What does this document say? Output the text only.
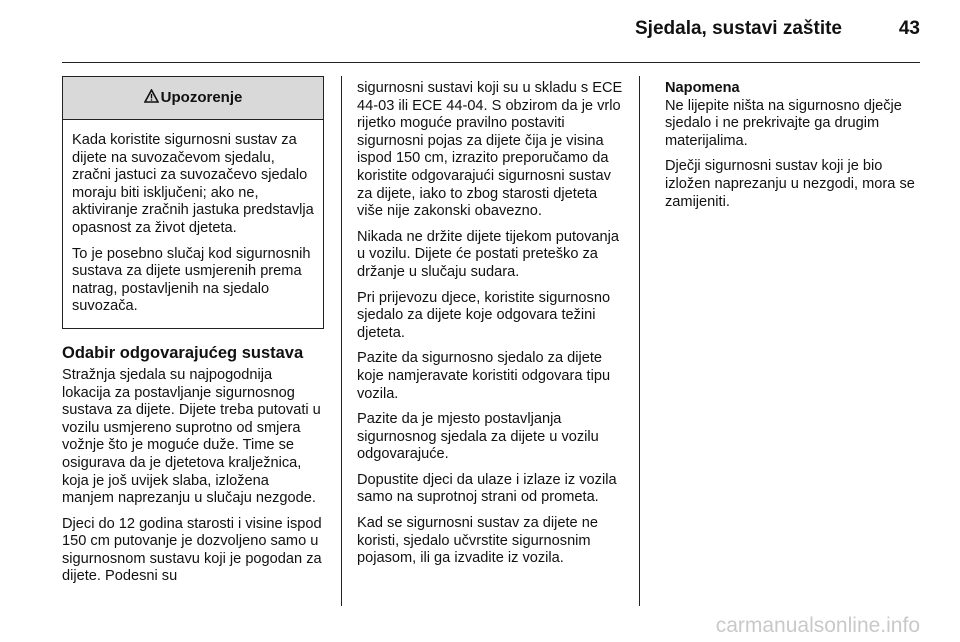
Sjedala, sustavi zaštite	43
Upozorenje

Kada koristite sigurnosni sustav za dijete na suvozačevom sjedalu, zračni jastuci za suvozačevo sjedalo moraju biti isključeni; ako ne, aktiviranje zračnih jastuka predstavlja opasnost za život djeteta.

To je posebno slučaj kod sigurnosnih sustava za dijete usmjerenih prema natrag, postavljenih na sjedalo suvozača.

Odabir odgovarajućeg sustava

Stražnja sjedala su najpogodnija lokacija za postavljanje sigurnosnog sustava za dijete. Dijete treba putovati u vozilu usmjereno suprotno od smjera vožnje što je moguće duže. Time se osigurava da je djetetova kralježnica, koja je još uvijek slaba, izložena manjem naprezanju u slučaju nezgode.

Djeci do 12 godina starosti i visine ispod 150 cm putovanje je dozvoljeno samo u sigurnosnom sustavu koji je pogodan za dijete. Podesni su

sigurnosni sustavi koji su u skladu s ECE 44-03 ili ECE 44-04. S obzirom da je vrlo rijetko moguće pravilno postaviti sigurnosni pojas za dijete čija je visina ispod 150 cm, izrazito preporučamo da koristite odgovarajući sigurnosni sustav za dijete, iako to zbog starosti djeteta više nije zakonski obavezno.

Nikada ne držite dijete tijekom putovanja u vozilu. Dijete će postati preteško za držanje u slučaju sudara.

Pri prijevozu djece, koristite sigurnosno sjedalo za dijete koje odgovara težini djeteta.

Pazite da sigurnosno sjedalo za dijete koje namjeravate koristiti odgovara tipu vozila.

Pazite da je mjesto postavljanja sigurnosnog sjedala za dijete u vozilu odgovarajuće.

Dopustite djeci da ulaze i izlaze iz vozila samo na suprotnoj strani od prometa.

Kad se sigurnosni sustav za dijete ne koristi, sjedalo učvrstite sigurnosnim pojasom, ili ga izvadite iz vozila.

Napomena

Ne lijepite ništa na sigurnosno dječje sjedalo i ne prekrivajte ga drugim materijalima.

Dječji sigurnosni sustav koji je bio izložen naprezanju u nezgodi, mora se zamijeniti.

carmanualsonline.info
